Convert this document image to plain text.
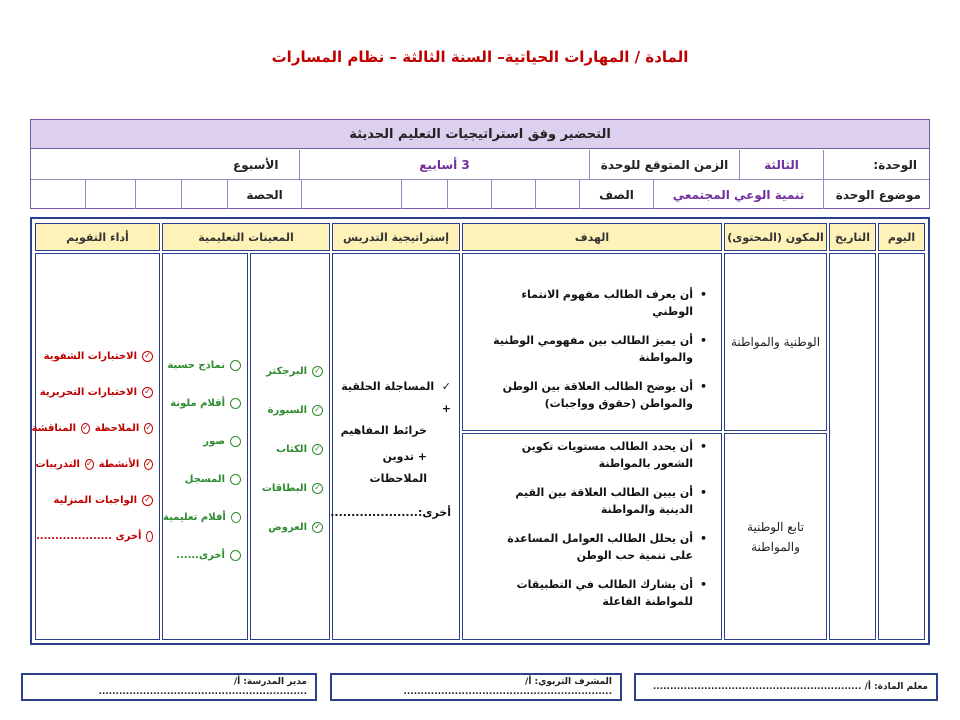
المادة / المهارات الحياتية– السنة الثالثة – نظام المسارات
التحضير وفق استراتيجيات التعليم الحديثة
الوحدة:
الثالثة
الزمن المتوقع للوحدة
3 أسابيع
الأسبوع
موضوع الوحدة
تنمية الوعي المجتمعي
الصف
الحصة
اليوم
التاريخ
المكون (المحتوى)
الهدف
إستراتيجية التدريس
المعينات التعليمية
أداء التقويم
الوطنية والمواطنة
تابع الوطنية والمواطنة
• أن يعرف الطالب مفهوم الانتماء الوطني
• أن يميز الطالب بين مفهومي الوطنية والمواطنة
• أن يوضح الطالب العلاقة بين الوطن والمواطن (حقوق وواجبات)
• أن يحدد الطالب مستويات تكوين الشعور بالمواطنة
• أن يبين الطالب العلاقة بين القيم الدينية والمواطنة
• أن يحلل الطالب العوامل المساعدة على تنمية حب الوطن
• أن يشارك الطالب في التطبيقات للمواطنة الفاعلة
✓  المساجلة الحلقية +
خرائط المفاهيم
+ تدوين الملاحظات
أخرى:.....................
✓
البرجكتر
✓
السبورة
✓
الكتاب
✓
البطاقات
✓
العروض
نماذج حسية
أقلام ملونة
صور
المسجل
أفلام تعليمية
أخرى......
✓
الاختبارات الشفوية
✓
الاختبارات التحريرية
✓
الملاحظة
✓
المناقشة
✓
الأنشطة
✓
التدريبات
✓
الواجبات المنزلية
أخرى ....................
معلم المادة: أ/ .............................................................
المشرف التربوي: أ/ .............................................................
مدير المدرسة: أ/ .............................................................
